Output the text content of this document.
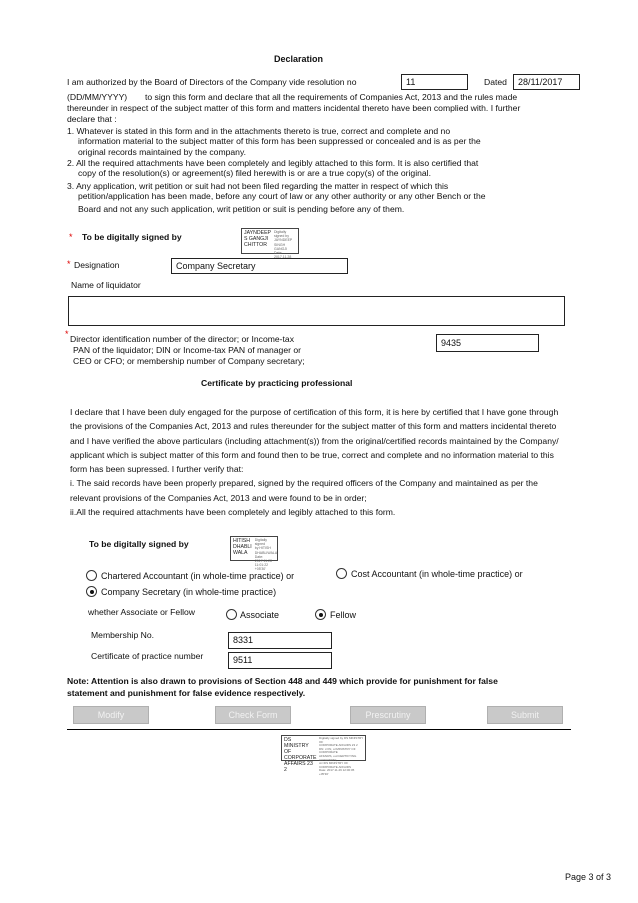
Declaration
I am authorized by the Board of Directors of the Company vide resolution no	11	Dated	28/11/2017
(DD/MM/YYYY) to sign this form and declare that all the requirements of Companies Act, 2013 and the rules made
thereunder in respect of the subject matter of this form and matters incidental thereto have been complied with. I further
declare that :
1. Whatever is stated in this form and in the attachments thereto is true, correct and complete and no
information material to the subject matter of this form has been suppressed or concealed and is as per the
original records maintained by the company.
2. All the required attachments have been completely and legibly attached to this form. It is also certified that
copy of the resolution(s) or agreement(s) filed herewith is or are a true copy(s) of the original.
3. Any application, writ petition or suit had not been filed regarding the matter in respect of which this
petition/application has been made, before any court of law or any other authority or any other Bench or the
Board and not any such application, writ petition or suit is pending before any of them.
* To be digitally signed by	JAYNDEEP
S GANGJI
CHITTOR
Digitally signed by
JAYNDEEP SINGH
GANGJI
Date:

* Designation	Company Secretary
Name of liquidator
* Director identification number of the director; or Income-tax
PAN of the liquidator; DIN or Income-tax PAN of manager or
CEO or CFO; or membership number of Company secretary;
9435
Certificate by practicing professional
I declare that I have been duly engaged for the purpose of certification of this form, it is here by certified that I have gone through
the provisions of the Companies Act, 2013 and rules thereunder for the subject matter of this form and matters incidental thereto
and I have verified the above particulars (including attachment(s)) from the original/certified records maintained by the Company/
applicant which is subject matter of this form and found then to be true, correct and complete and no information material to this
form has been supressed. I further verify that:
i. The said records have been properly prepared, signed by the required officers of the Company and maintained as per the
relevant provisions of the Companies Act, 2013 and were found to be in order;
ii.All the required attachments have been completely and legibly attached to this form.
To be digitally signed by	HITISH
DHABLI
WALA
Digitally signed
by HITISH
DHABLIWALA
Date: 2017.11.28
11:01:22 +05'30'
Chartered Accountant (in whole-time practice) or	Cost Accountant (in whole-time practice) or
Company Secretary (in whole-time practice)
whether Associate or Fellow	Associate	Fellow
Membership No.	8331
Certificate of practice number	9511
Note: Attention is also drawn to provisions of Section 448 and 449 which provide for punishment for false
statement and punishment for false evidence respectively.
Modify	Check Form	Prescrutiny	Submit
DS MINISTRY OF
CORPORATE
AFFAIRS 23 2
Digitally signed by DS MINISTRY OF
CORPORATE AFFAIRS 23 2
DN: c=IN, o=MINISTRY OF CORPORATE
AFFAIRS, ou=CERTIFYING AUTHORITY,
cn=DS MINISTRY OF CORPORATE AFFAIRS
Date: 2017.11.29 12:00:05 +05'30'
Page 3 of 3
